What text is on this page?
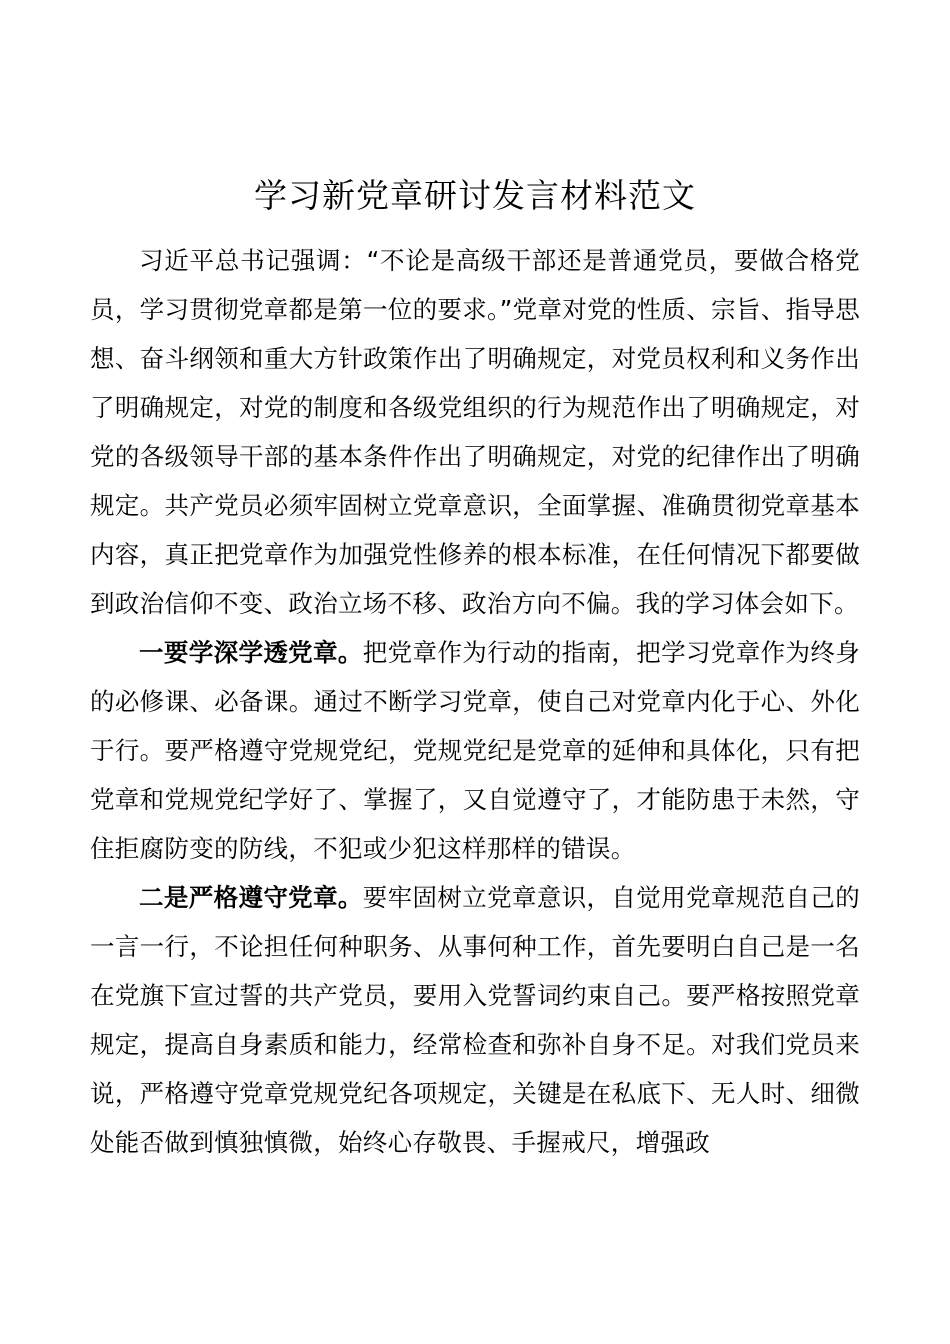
学习新党章研讨发言材料范文

习近平总书记强调：“不论是高级干部还是普通党员，要做合格党员，学习贯彻党章都是第一位的要求。”党章对党的性质、宗旨、指导思想、奋斗纲领和重大方针政策作出了明确规定，对党员权利和义务作出了明确规定，对党的制度和各级党组织的行为规范作出了明确规定，对党的各级领导干部的基本条件作出了明确规定，对党的纪律作出了明确规定。共产党员必须牢固树立党章意识，全面掌握、准确贯彻党章基本内容，真正把党章作为加强党性修养的根本标准，在任何情况下都要做到政治信仰不变、政治立场不移、政治方向不偏。我的学习体会如下。

一要学深学透党章。把党章作为行动的指南，把学习党章作为终身的必修课、必备课。通过不断学习党章，使自己对党章内化于心、外化于行。要严格遵守党规党纪，党规党纪是党章的延伸和具体化，只有把党章和党规党纪学好了、掌握了，又自觉遵守了，才能防患于未然，守住拒腐防变的防线，不犯或少犯这样那样的错误。

二是严格遵守党章。要牢固树立党章意识，自觉用党章规范自己的一言一行，不论担任何种职务、从事何种工作，首先要明白自己是一名在党旗下宣过誓的共产党员，要用入党誓词约束自己。要严格按照党章规定，提高自身素质和能力，经常检查和弥补自身不足。对我们党员来说，严格遵守党章党规党纪各项规定，关键是在私底下、无人时、细微处能否做到慎独慎微，始终心存敬畏、手握戒尺，增强政
